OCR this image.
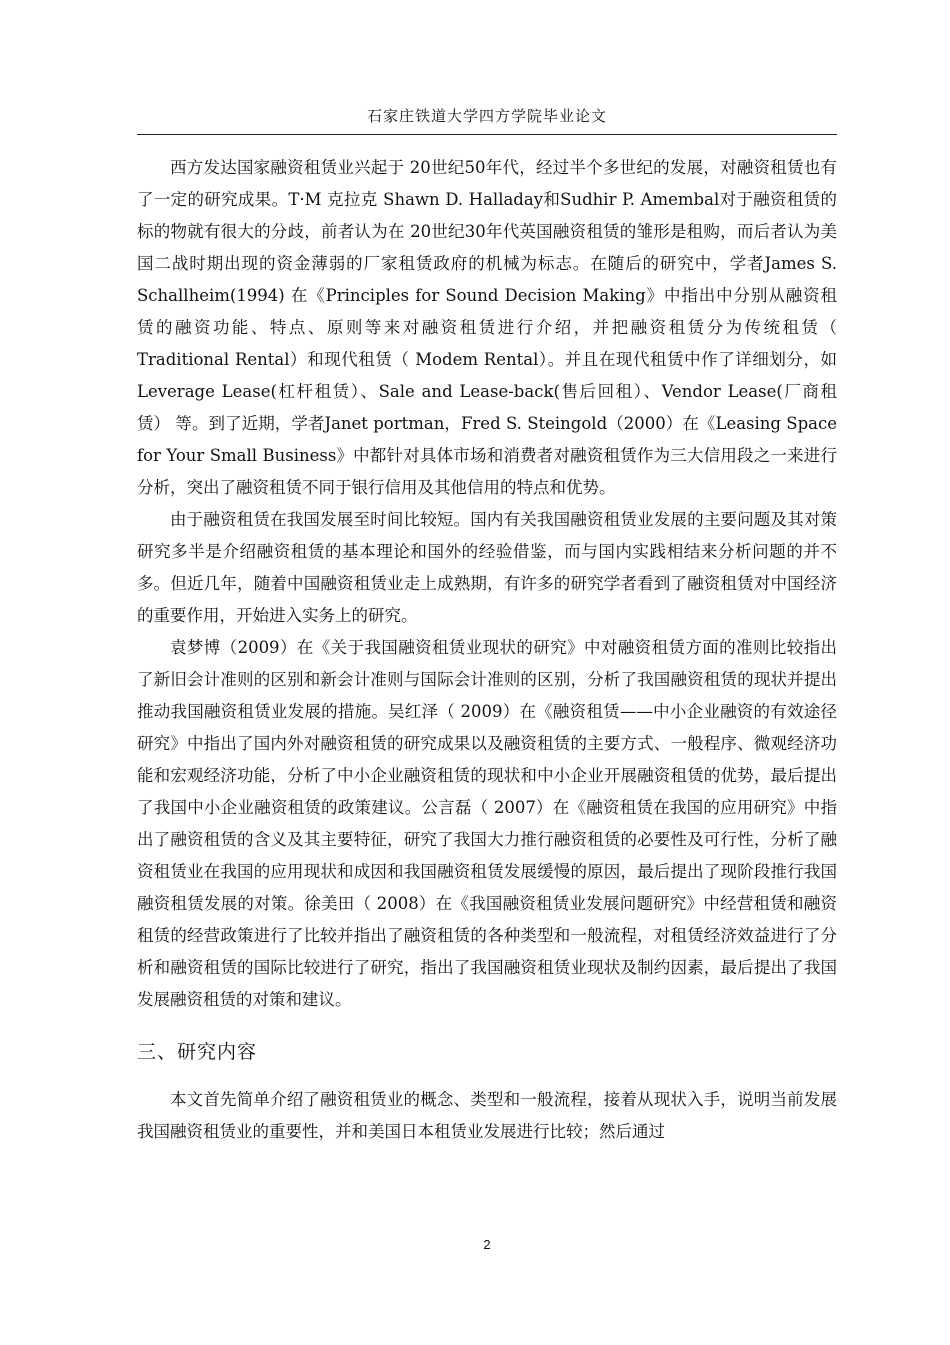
石家庄铁道大学四方学院毕业论文

西方发达国家融资租赁业兴起于 20世纪50年代，经过半个多世纪的发展，对融资租赁也有了一定的研究成果。T·M 克拉克 Shawn D. Halladay和Sudhir P. Amembal对于融资租赁的标的物就有很大的分歧，前者认为在 20世纪30年代英国融资租赁的雏形是租购，而后者认为美国二战时期出现的资金薄弱的厂家租赁政府的机械为标志。在随后的研究中，学者James S. Schallheim(1994) 在《Principles for Sound Decision Making》中指出中分别从融资租赁的融资功能、特点、原则等来对融资租赁进行介绍，并把融资租赁分为传统租赁（ Traditional Rental）和现代租赁（ Modem Rental）。并且在现代租赁中作了详细划分，如Leverage Lease(杠杆租赁）、Sale and Lease-back(售后回租）、Vendor Lease(厂商租赁） 等。到了近期，学者Janet portman，Fred S. Steingold（2000）在《Leasing Space for Your Small Business》中都针对具体市场和消费者对融资租赁作为三大信用段之一来进行分析，突出了融资租赁不同于银行信用及其他信用的特点和优势。

由于融资租赁在我国发展至时间比较短。国内有关我国融资租赁业发展的主要问题及其对策研究多半是介绍融资租赁的基本理论和国外的经验借鉴，而与国内实践相结来分析问题的并不多。但近几年，随着中国融资租赁业走上成熟期，有许多的研究学者看到了融资租赁对中国经济的重要作用，开始进入实务上的研究。

袁梦博（2009）在《关于我国融资租赁业现状的研究》中对融资租赁方面的准则比较指出了新旧会计准则的区别和新会计准则与国际会计准则的区别，分析了我国融资租赁的现状并提出推动我国融资租赁业发展的措施。吴红泽（ 2009）在《融资租赁——中小企业融资的有效途径研究》中指出了国内外对融资租赁的研究成果以及融资租赁的主要方式、一般程序、微观经济功能和宏观经济功能，分析了中小企业融资租赁的现状和中小企业开展融资租赁的优势，最后提出了我国中小企业融资租赁的政策建议。公言磊（ 2007）在《融资租赁在我国的应用研究》中指出了融资租赁的含义及其主要特征，研究了我国大力推行融资租赁的必要性及可行性，分析了融资租赁业在我国的应用现状和成因和我国融资租赁发展缓慢的原因，最后提出了现阶段推行我国融资租赁发展的对策。徐美田（ 2008）在《我国融资租赁业发展问题研究》中经营租赁和融资租赁的经营政策进行了比较并指出了融资租赁的各种类型和一般流程，对租赁经济效益进行了分析和融资租赁的国际比较进行了研究，指出了我国融资租赁业现状及制约因素，最后提出了我国发展融资租赁的对策和建议。

三、研究内容

本文首先简单介绍了融资租赁业的概念、类型和一般流程，接着从现状入手，说明当前发展我国融资租赁业的重要性，并和美国日本租赁业发展进行比较；然后通过

2
